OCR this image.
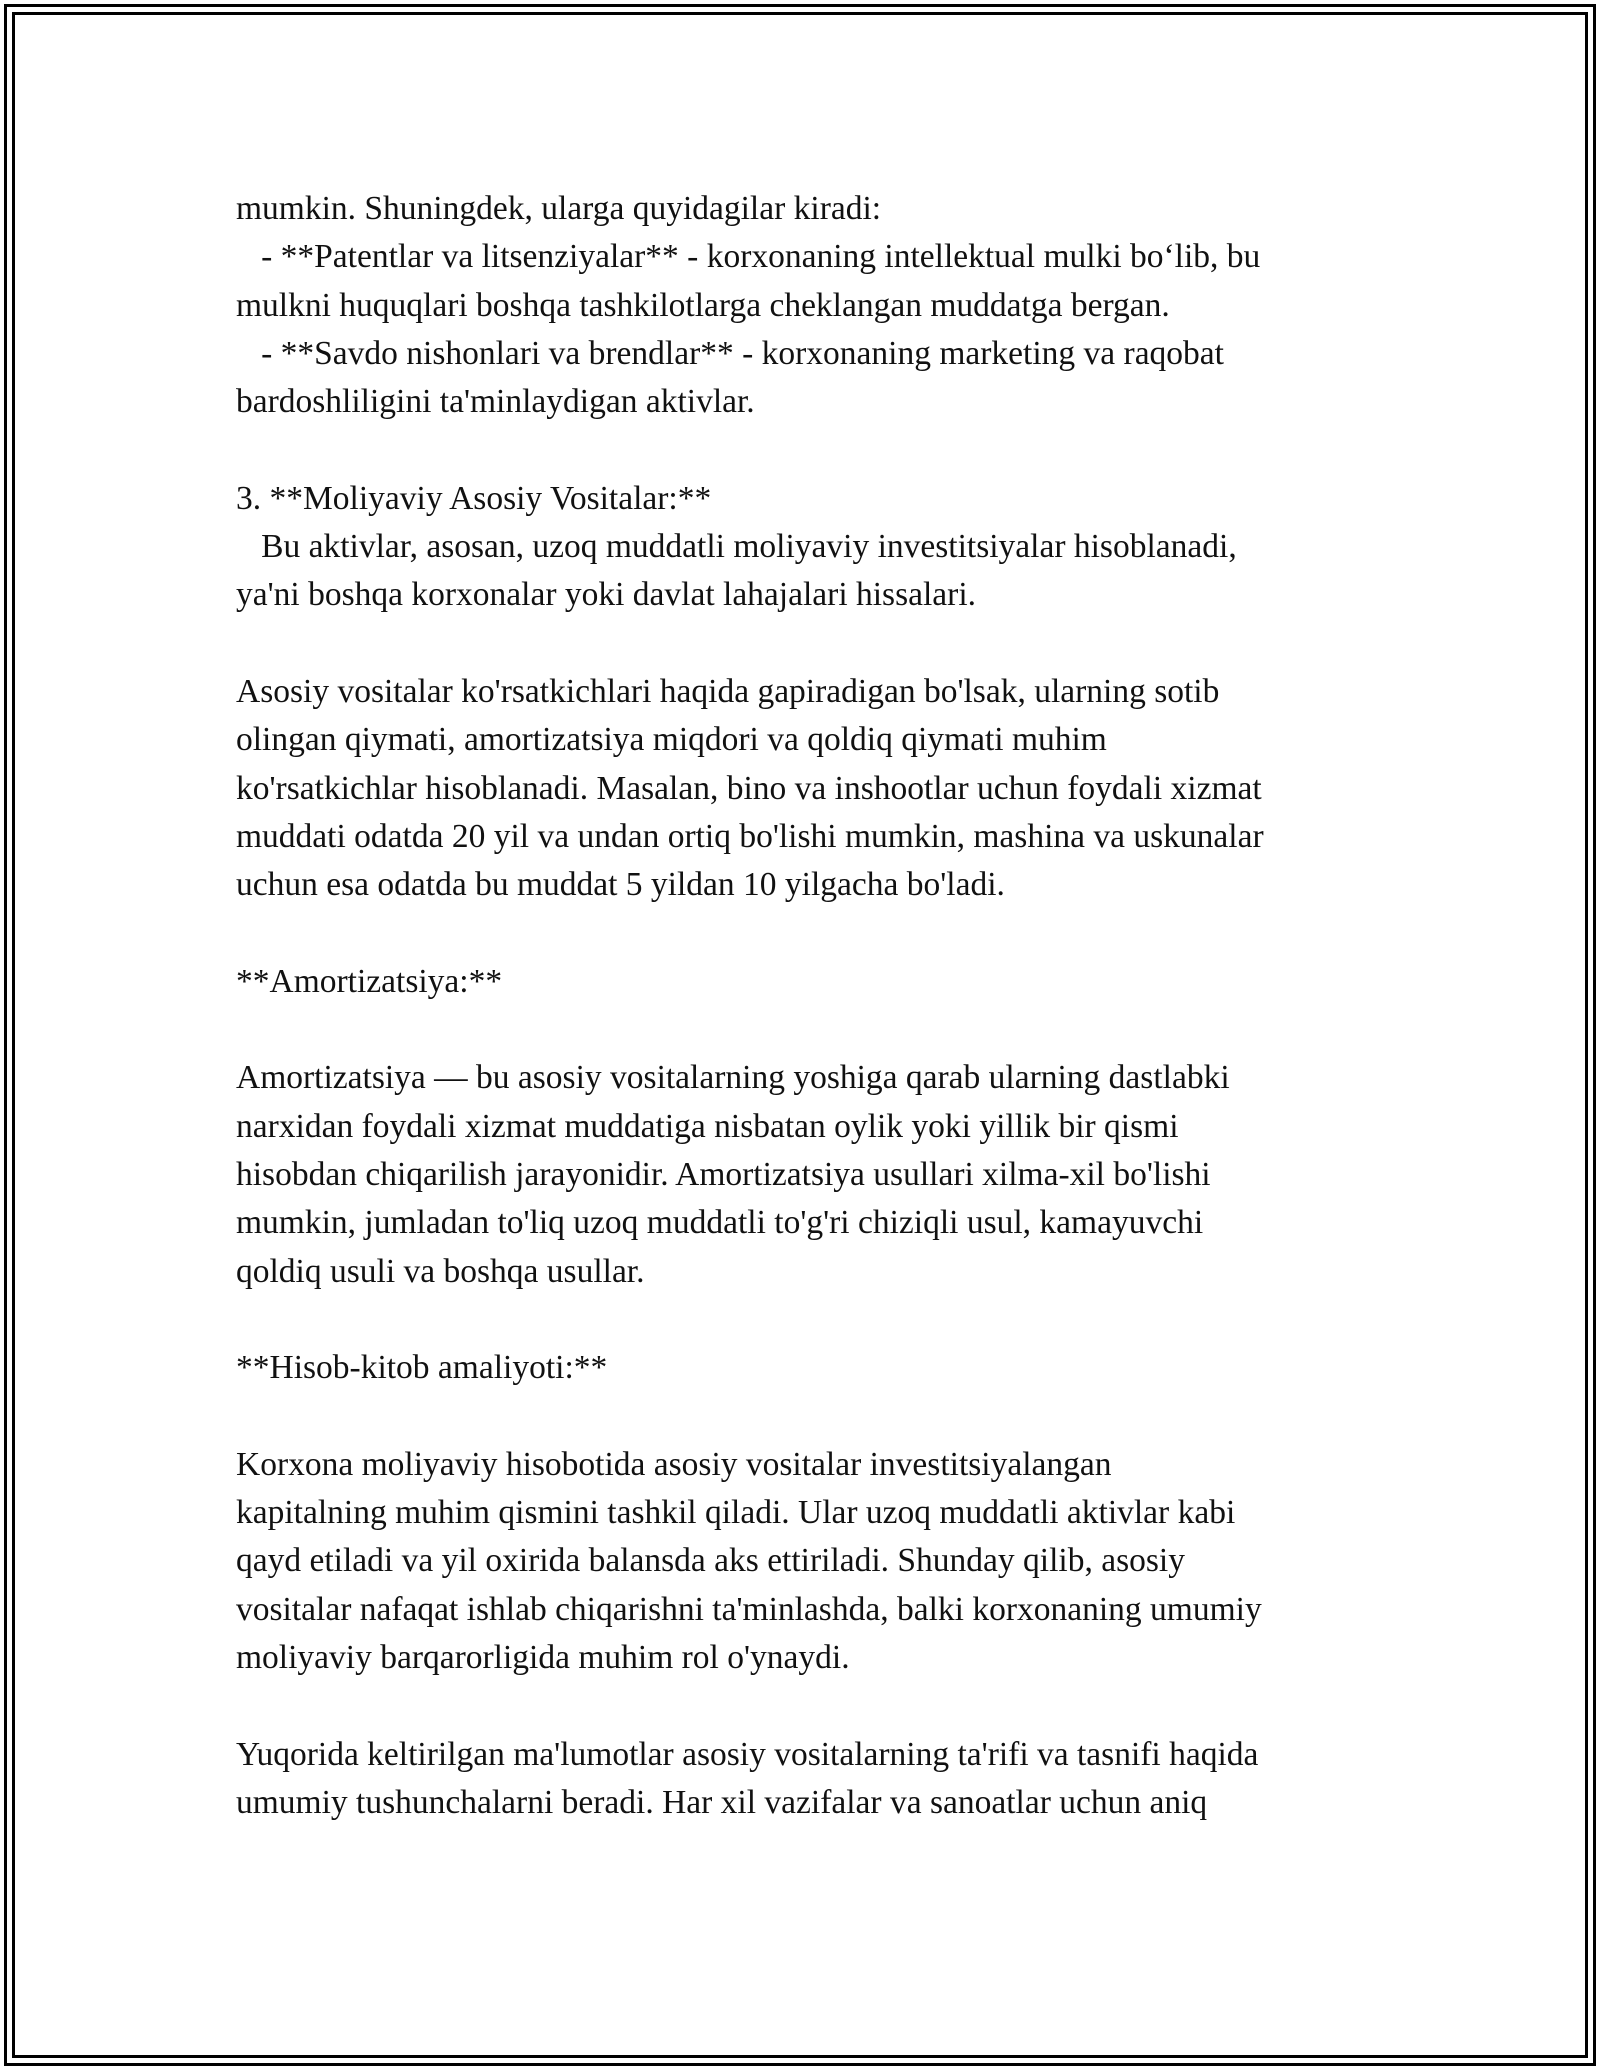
mumkin. Shuningdek, ularga quyidagilar kiradi:
- **Patentlar va litsenziyalar** - korxonaning intellektual mulki bo‘lib, bu
mulkni huquqlari boshqa tashkilotlarga cheklangan muddatga bergan.
- **Savdo nishonlari va brendlar** - korxonaning marketing va raqobat
bardoshliligini ta'minlaydigan aktivlar.
3. **Moliyaviy Asosiy Vositalar:**
Bu aktivlar, asosan, uzoq muddatli moliyaviy investitsiyalar hisoblanadi,
ya'ni boshqa korxonalar yoki davlat lahajalari hissalari.
Asosiy vositalar ko'rsatkichlari haqida gapiradigan bo'lsak, ularning sotib
olingan qiymati, amortizatsiya miqdori va qoldiq qiymati muhim
ko'rsatkichlar hisoblanadi. Masalan, bino va inshootlar uchun foydali xizmat
muddati odatda 20 yil va undan ortiq bo'lishi mumkin, mashina va uskunalar
uchun esa odatda bu muddat 5 yildan 10 yilgacha bo'ladi.
**Amortizatsiya:**
Amortizatsiya — bu asosiy vositalarning yoshiga qarab ularning dastlabki
narxidan foydali xizmat muddatiga nisbatan oylik yoki yillik bir qismi
hisobdan chiqarilish jarayonidir. Amortizatsiya usullari xilma-xil bo'lishi
mumkin, jumladan to'liq uzoq muddatli to'g'ri chiziqli usul, kamayuvchi
qoldiq usuli va boshqa usullar.
**Hisob-kitob amaliyoti:**
Korxona moliyaviy hisobotida asosiy vositalar investitsiyalangan
kapitalning muhim qismini tashkil qiladi. Ular uzoq muddatli aktivlar kabi
qayd etiladi va yil oxirida balansda aks ettiriladi. Shunday qilib, asosiy
vositalar nafaqat ishlab chiqarishni ta'minlashda, balki korxonaning umumiy
moliyaviy barqarorligida muhim rol o'ynaydi.
Yuqorida keltirilgan ma'lumotlar asosiy vositalarning ta'rifi va tasnifi haqida
umumiy tushunchalarni beradi. Har xil vazifalar va sanoatlar uchun aniq
